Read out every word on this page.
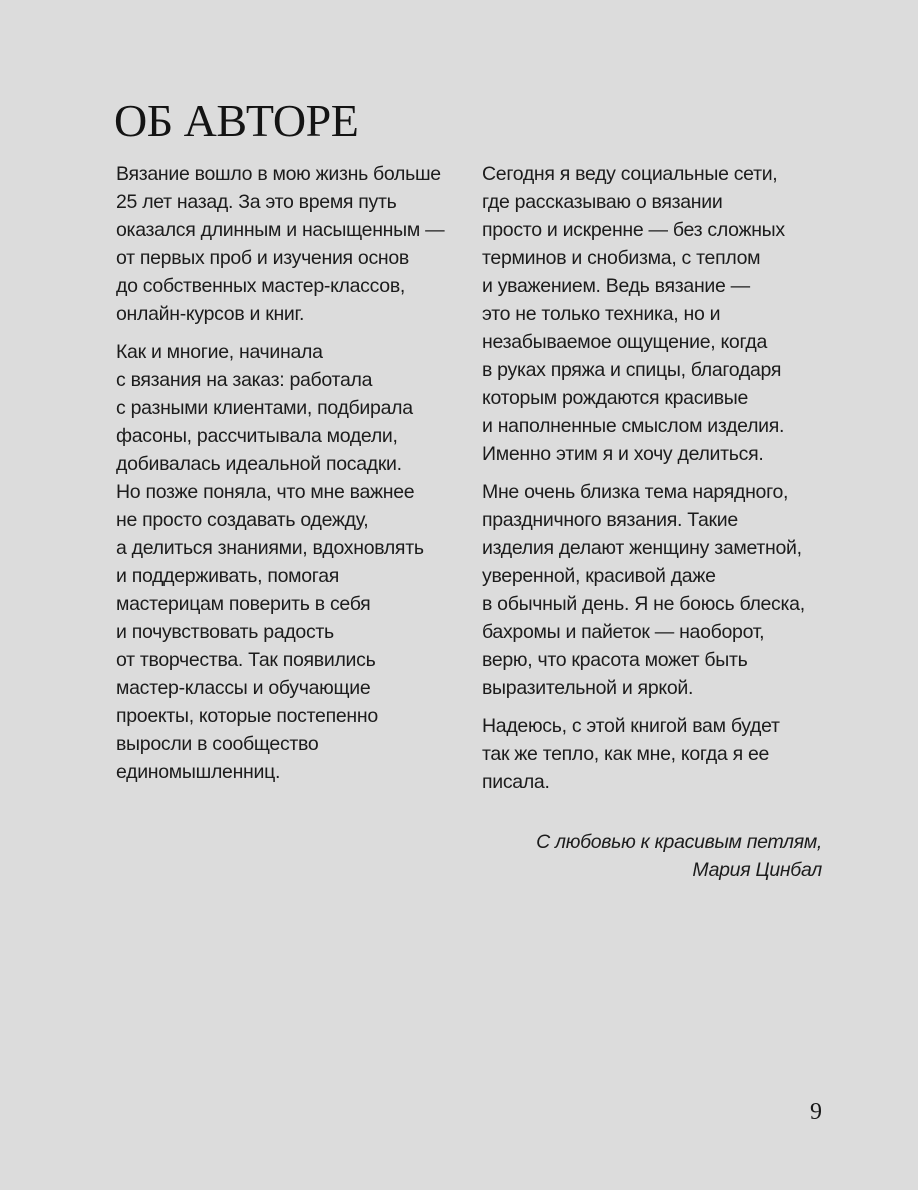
ОБ АВТОРЕ

Вязание вошло в мою жизнь больше
25 лет назад. За это время путь
оказался длинным и насыщенным —
от первых проб и изучения основ
до собственных мастер-классов,
онлайн-курсов и книг.

Как и многие, начинала
с вязания на заказ: работала
с разными клиентами, подбирала
фасоны, рассчитывала модели,
добивалась идеальной посадки.
Но позже поняла, что мне важнее
не просто создавать одежду,
а делиться знаниями, вдохновлять
и поддерживать, помогая
мастерицам поверить в себя
и почувствовать радость
от творчества. Так появились
мастер-классы и обучающие
проекты, которые постепенно
выросли в сообщество
единомышленниц.

Сегодня я веду социальные сети,
где рассказываю о вязании
просто и искренне — без сложных
терминов и снобизма, с теплом
и уважением. Ведь вязание —
это не только техника, но и
незабываемое ощущение, когда
в руках пряжа и спицы, благодаря
которым рождаются красивые
и наполненные смыслом изделия.
Именно этим я и хочу делиться.

Мне очень близка тема нарядного,
праздничного вязания. Такие
изделия делают женщину заметной,
уверенной, красивой даже
в обычный день. Я не боюсь блеска,
бахромы и пайеток — наоборот,
верю, что красота может быть
выразительной и яркой.

Надеюсь, с этой книгой вам будет
так же тепло, как мне, когда я ее
писала.

С любовью к красивым петлям,
Мария Цинбал
9
